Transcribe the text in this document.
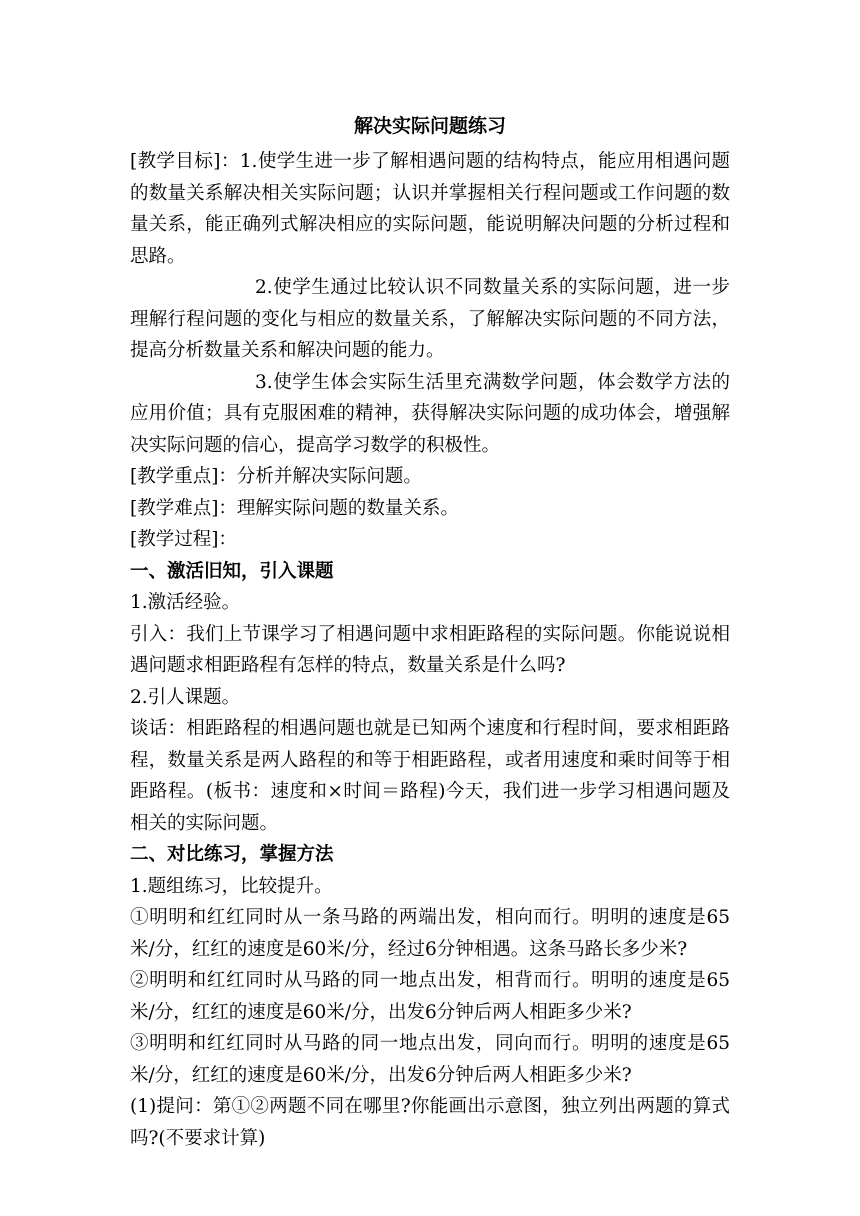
解决实际问题练习

[教学目标]：1.使学生进一步了解相遇问题的结构特点，能应用相遇问题的数量关系解决相关实际问题；认识并掌握相关行程问题或工作问题的数量关系，能正确列式解决相应的实际问题，能说明解决问题的分析过程和思路。

2.使学生通过比较认识不同数量关系的实际问题，进一步理解行程问题的变化与相应的数量关系，了解解决实际问题的不同方法，提高分析数量关系和解决问题的能力。

3.使学生体会实际生活里充满数学问题，体会数学方法的应用价值；具有克服困难的精神，获得解决实际问题的成功体会，增强解决实际问题的信心，提高学习数学的积极性。

[教学重点]：分析并解决实际问题。

[教学难点]：理解实际问题的数量关系。

[教学过程]：

一、激活旧知，引入课题

1.激活经验。

引入：我们上节课学习了相遇问题中求相距路程的实际问题。你能说说相遇问题求相距路程有怎样的特点，数量关系是什么吗?

2.引人课题。

谈话：相距路程的相遇问题也就是已知两个速度和行程时间，要求相距路程，数量关系是两人路程的和等于相距路程，或者用速度和乘时间等于相距路程。(板书：速度和×时间＝路程)今天，我们进一步学习相遇问题及相关的实际问题。

二、对比练习，掌握方法

1.题组练习，比较提升。

①明明和红红同时从一条马路的两端出发，相向而行。明明的速度是65米/分，红红的速度是60米/分，经过6分钟相遇。这条马路长多少米?

②明明和红红同时从马路的同一地点出发，相背而行。明明的速度是65米/分，红红的速度是60米/分，出发6分钟后两人相距多少米?

③明明和红红同时从马路的同一地点出发，同向而行。明明的速度是65米/分，红红的速度是60米/分，出发6分钟后两人相距多少米?

(1)提问：第①②两题不同在哪里?你能画出示意图，独立列出两题的算式吗?(不要求计算)
